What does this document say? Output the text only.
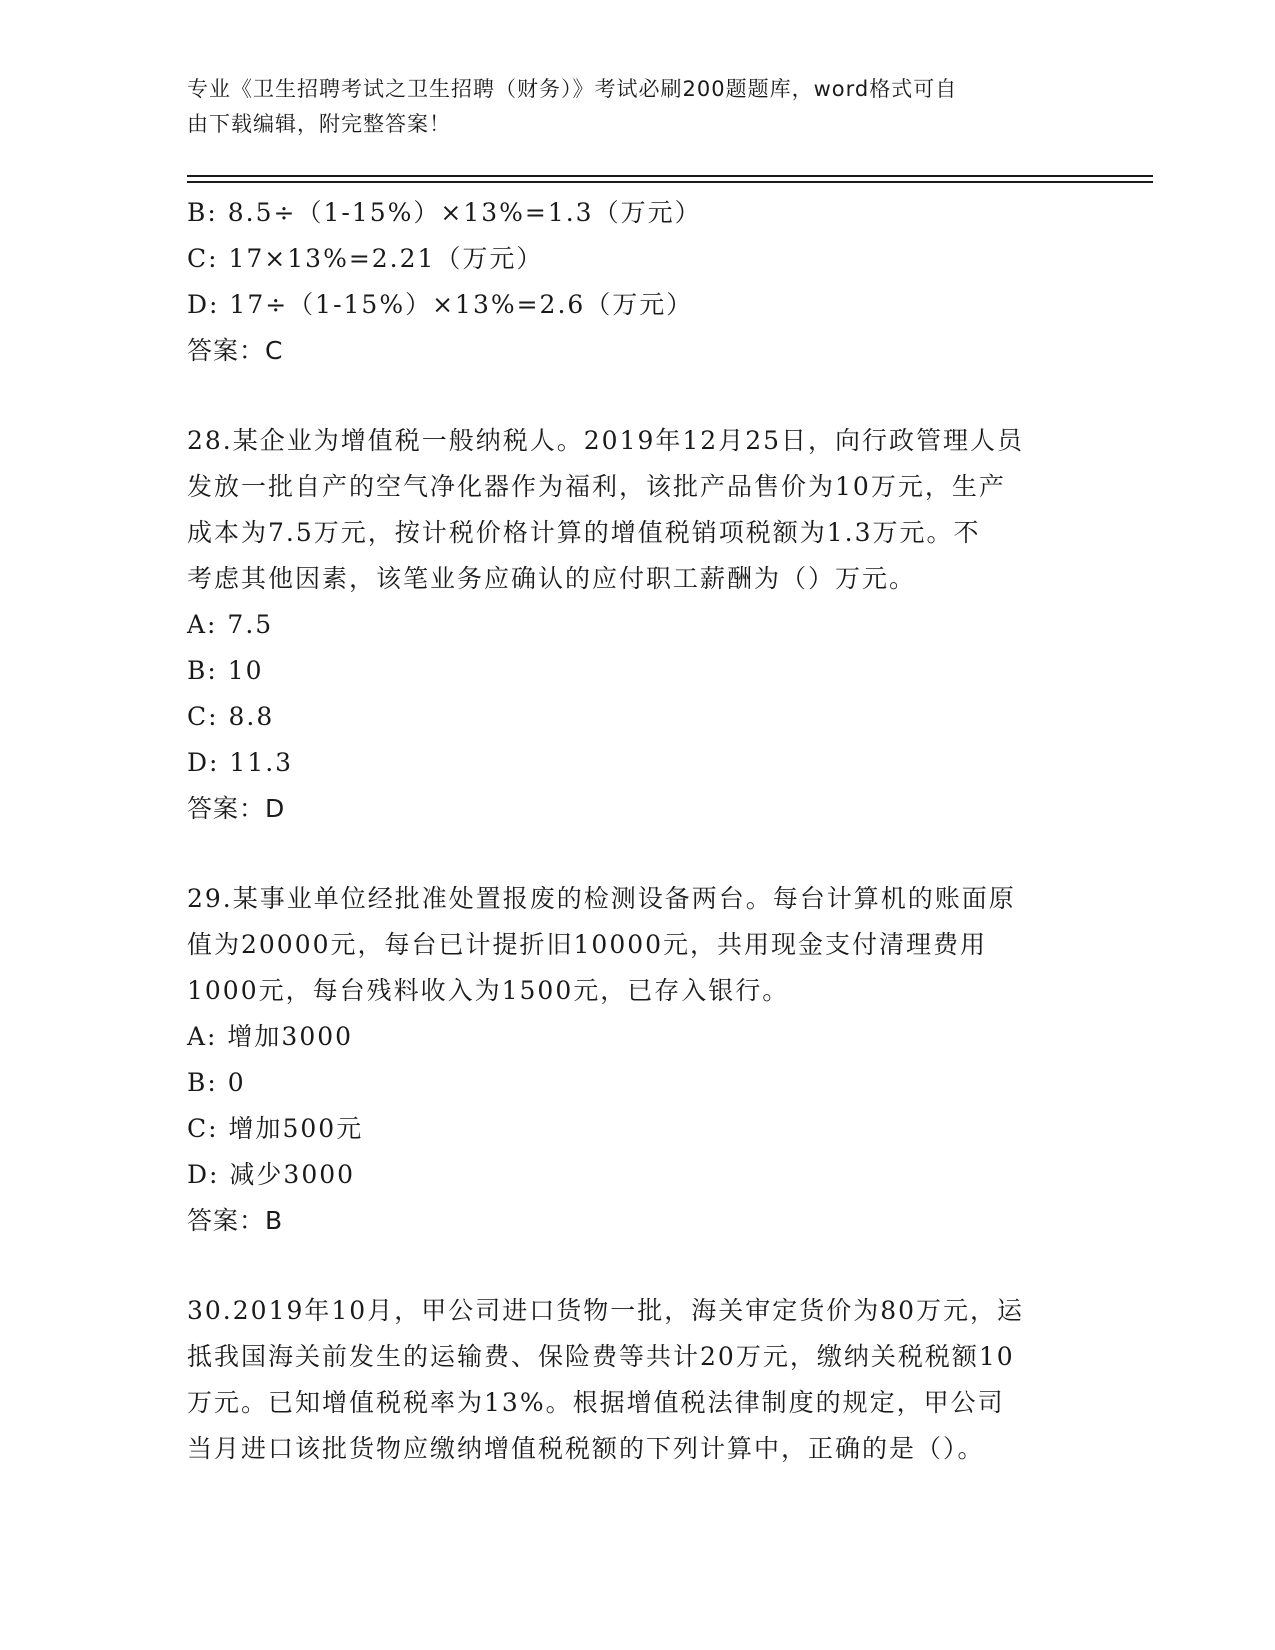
专业《卫生招聘考试之卫生招聘（财务）》考试必刷200题题库，word格式可自
由下载编辑，附完整答案！
B: 8.5÷（1-15%）×13%=1.3（万元）
C: 17×13%=2.21（万元）
D: 17÷（1-15%）×13%=2.6（万元）
答案：C
28.某企业为增值税一般纳税人。2019年12月25日，向行政管理人员
发放一批自产的空气净化器作为福利，该批产品售价为10万元，生产
成本为7.5万元，按计税价格计算的增值税销项税额为1.3万元。不
考虑其他因素，该笔业务应确认的应付职工薪酬为（）万元。
A: 7.5
B: 10
C: 8.8
D: 11.3
答案：D
29.某事业单位经批准处置报废的检测设备两台。每台计算机的账面原
值为20000元，每台已计提折旧10000元，共用现金支付清理费用
1000元，每台残料收入为1500元，已存入银行。
A: 增加3000
B: 0
C: 增加500元
D: 减少3000
答案：B
30.2019年10月，甲公司进口货物一批，海关审定货价为80万元，运
抵我国海关前发生的运输费、保险费等共计20万元，缴纳关税税额10
万元。已知增值税税率为13%。根据增值税法律制度的规定，甲公司
当月进口该批货物应缴纳增值税税额的下列计算中，正确的是（）。
